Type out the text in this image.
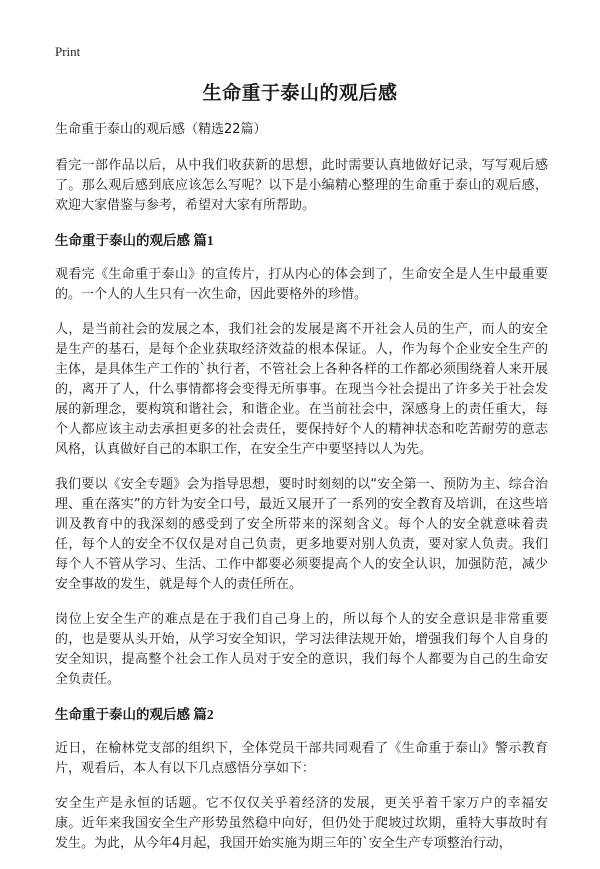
Print
生命重于泰山的观后感
生命重于泰山的观后感（精选22篇）

看完一部作品以后，从中我们收获新的思想，此时需要认真地做好记录，写写观后感了。那么观后感到底应该怎么写呢？以下是小编精心整理的生命重于泰山的观后感，欢迎大家借鉴与参考，希望对大家有所帮助。

生命重于泰山的观后感 篇1

观看完《生命重于泰山》的宣传片，打从内心的体会到了，生命安全是人生中最重要的。一个人的人生只有一次生命，因此要格外的珍惜。

人，是当前社会的发展之本，我们社会的发展是离不开社会人员的生产，而人的安全是生产的基石，是每个企业获取经济效益的根本保证。人，作为每个企业安全生产的主体，是具体生产工作的`执行者，不管社会上各种各样的工作都必须围绕着人来开展的，离开了人，什么事情都将会变得无所事事。在现当今社会提出了许多关于社会发展的新理念，要构筑和谐社会，和谐企业。在当前社会中，深感身上的责任重大，每个人都应该主动去承担更多的社会责任，要保持好个人的精神状态和吃苦耐劳的意志风格，认真做好自己的本职工作，在安全生产中要坚持以人为先。

我们要以《安全专题》会为指导思想，要时时刻刻的以“安全第一、预防为主、综合治理、重在落实”的方针为安全口号，最近又展开了一系列的安全教育及培训，在这些培训及教育中的我深刻的感受到了安全所带来的深刻含义。每个人的安全就意味着责任，每个人的安全不仅仅是对自己负责，更多地要对别人负责，要对家人负责。我们每个人不管从学习、生活、工作中都要必须要提高个人的安全认识，加强防范，减少安全事故的发生，就是每个人的责任所在。

岗位上安全生产的难点是在于我们自己身上的，所以每个人的安全意识是非常重要的，也是要从头开始，从学习安全知识，学习法律法规开始，增强我们每个人自身的安全知识，提高整个社会工作人员对于安全的意识，我们每个人都要为自己的生命安全负责任。

生命重于泰山的观后感 篇2

近日，在榆林党支部的组织下，全体党员干部共同观看了《生命重于泰山》警示教育片，观看后，本人有以下几点感悟分享如下：

安全生产是永恒的话题。它不仅仅关乎着经济的发展，更关乎着千家万户的幸福安康。近年来我国安全生产形势虽然稳中向好，但仍处于爬坡过坎期，重特大事故时有发生。为此，从今年4月起，我国开始实施为期三年的`安全生产专项整治行动，
